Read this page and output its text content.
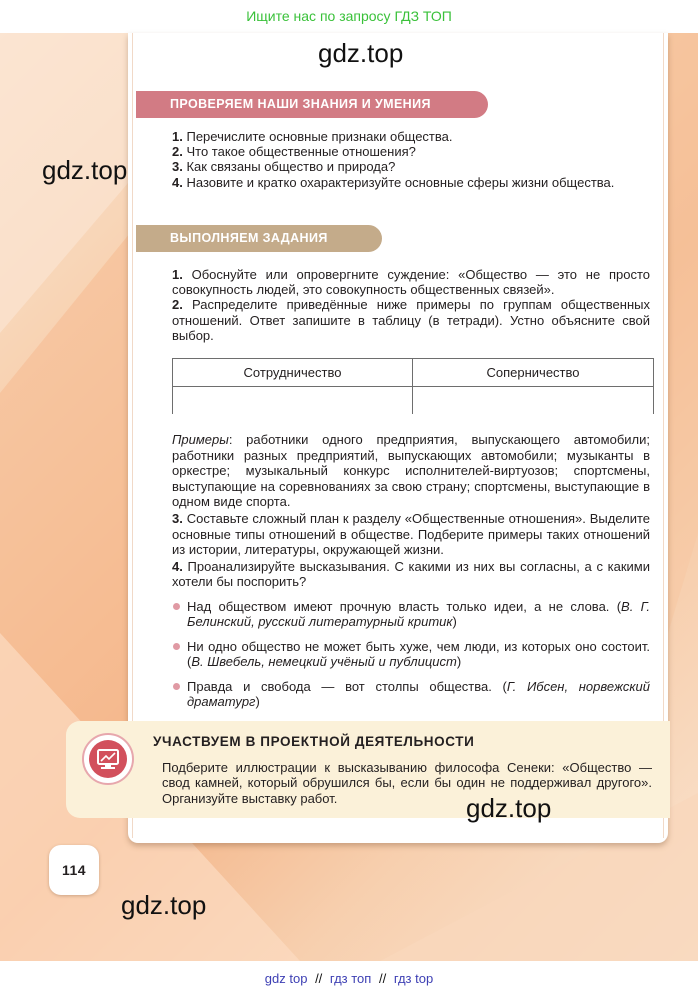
Ищите нас по запросу ГДЗ ТОП
ПРОВЕРЯЕМ НАШИ ЗНАНИЯ И УМЕНИЯ
1. Перечислите основные признаки общества.
2. Что такое общественные отношения?
3. Как связаны общество и природа?
4. Назовите и кратко охарактеризуйте основные сферы жизни общества.
ВЫПОЛНЯЕМ ЗАДАНИЯ
1. Обоснуйте или опровергните суждение: «Общество — это не просто совокупность людей, это совокупность общественных связей».
2. Распределите приведённые ниже примеры по группам общественных отношений. Ответ запишите в таблицу (в тетради). Устно объясните свой выбор.
Сотрудничество	Соперничество
Примеры: работники одного предприятия, выпускающего автомобили; работники разных предприятий, выпускающих автомобили; музыканты в оркестре; музыкальный конкурс исполнителей-виртуозов; спортсмены, выступающие на соревнованиях за свою страну; спортсмены, выступающие в одном виде спорта.
3. Составьте сложный план к разделу «Общественные отношения». Выделите основные типы отношений в обществе. Подберите примеры таких отношений из истории, литературы, окружающей жизни.
4. Проанализируйте высказывания. С какими из них вы согласны, а с какими хотели бы поспорить?
Над обществом имеют прочную власть только идеи, а не слова. (В. Г. Белинский, русский литературный критик)
Ни одно общество не может быть хуже, чем люди, из которых оно состоит. (В. Швебель, немецкий учёный и публицист)
Правда и свобода — вот столпы общества. (Г. Ибсен, норвежский драматург)
УЧАСТВУЕМ В ПРОЕКТНОЙ ДЕЯТЕЛЬНОСТИ
Подберите иллюстрации к высказыванию философа Сенеки: «Общество — свод камней, который обрушился бы, если бы один не поддерживал другого». Организуйте выставку работ.
114
gdz.top
gdz.top
gdz.top
gdz.top
gdz top // гдз топ // гдз top
